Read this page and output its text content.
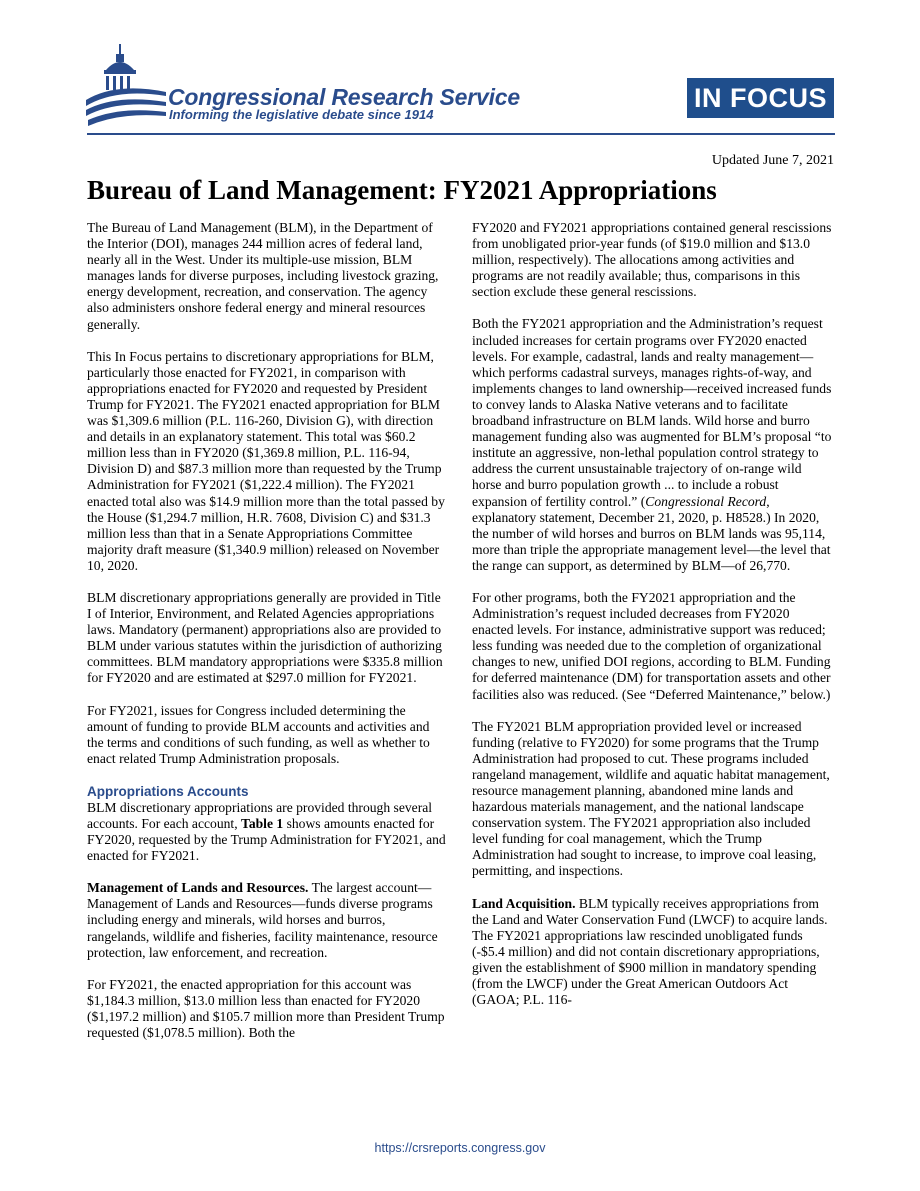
Congressional Research Service
Informing the legislative debate since 1914
IN FOCUS
Updated June 7, 2021
Bureau of Land Management: FY2021 Appropriations

The Bureau of Land Management (BLM), in the Department of the Interior (DOI), manages 244 million acres of federal land, nearly all in the West. Under its multiple-use mission, BLM manages lands for diverse purposes, including livestock grazing, energy development, recreation, and conservation. The agency also administers onshore federal energy and mineral resources generally.

This In Focus pertains to discretionary appropriations for BLM, particularly those enacted for FY2021, in comparison with appropriations enacted for FY2020 and requested by President Trump for FY2021. The FY2021 enacted appropriation for BLM was $1,309.6 million (P.L. 116-260, Division G), with direction and details in an explanatory statement. This total was $60.2 million less than in FY2020 ($1,369.8 million, P.L. 116-94, Division D) and $87.3 million more than requested by the Trump Administration for FY2021 ($1,222.4 million). The FY2021 enacted total also was $14.9 million more than the total passed by the House ($1,294.7 million, H.R. 7608, Division C) and $31.3 million less than that in a Senate Appropriations Committee majority draft measure ($1,340.9 million) released on November 10, 2020.

BLM discretionary appropriations generally are provided in Title I of Interior, Environment, and Related Agencies appropriations laws. Mandatory (permanent) appropriations also are provided to BLM under various statutes within the jurisdiction of authorizing committees. BLM mandatory appropriations were $335.8 million for FY2020 and are estimated at $297.0 million for FY2021.

For FY2021, issues for Congress included determining the amount of funding to provide BLM accounts and activities and the terms and conditions of such funding, as well as whether to enact related Trump Administration proposals.

Appropriations Accounts

BLM discretionary appropriations are provided through several accounts. For each account, Table 1 shows amounts enacted for FY2020, requested by the Trump Administration for FY2021, and enacted for FY2021.

Management of Lands and Resources. The largest account—Management of Lands and Resources—funds diverse programs including energy and minerals, wild horses and burros, rangelands, wildlife and fisheries, facility maintenance, resource protection, law enforcement, and recreation.

For FY2021, the enacted appropriation for this account was $1,184.3 million, $13.0 million less than enacted for FY2020 ($1,197.2 million) and $105.7 million more than President Trump requested ($1,078.5 million). Both the

FY2020 and FY2021 appropriations contained general rescissions from unobligated prior-year funds (of $19.0 million and $13.0 million, respectively). The allocations among activities and programs are not readily available; thus, comparisons in this section exclude these general rescissions.

Both the FY2021 appropriation and the Administration’s request included increases for certain programs over FY2020 enacted levels. For example, cadastral, lands and realty management—which performs cadastral surveys, manages rights-of-way, and implements changes to land ownership—received increased funds to convey lands to Alaska Native veterans and to facilitate broadband infrastructure on BLM lands. Wild horse and burro management funding also was augmented for BLM’s proposal “to institute an aggressive, non-lethal population control strategy to address the current unsustainable trajectory of on-range wild horse and burro population growth ... to include a robust expansion of fertility control.” (Congressional Record, explanatory statement, December 21, 2020, p. H8528.) In 2020, the number of wild horses and burros on BLM lands was 95,114, more than triple the appropriate management level—the level that the range can support, as determined by BLM—of 26,770.

For other programs, both the FY2021 appropriation and the Administration’s request included decreases from FY2020 enacted levels. For instance, administrative support was reduced; less funding was needed due to the completion of organizational changes to new, unified DOI regions, according to BLM. Funding for deferred maintenance (DM) for transportation assets and other facilities also was reduced. (See “Deferred Maintenance,” below.)

The FY2021 BLM appropriation provided level or increased funding (relative to FY2020) for some programs that the Trump Administration had proposed to cut. These programs included rangeland management, wildlife and aquatic habitat management, resource management planning, abandoned mine lands and hazardous materials management, and the national landscape conservation system. The FY2021 appropriation also included level funding for coal management, which the Trump Administration had sought to increase, to improve coal leasing, permitting, and inspections.

Land Acquisition. BLM typically receives appropriations from the Land and Water Conservation Fund (LWCF) to acquire lands. The FY2021 appropriations law rescinded unobligated funds (-$5.4 million) and did not contain discretionary appropriations, given the establishment of $900 million in mandatory spending (from the LWCF) under the Great American Outdoors Act (GAOA; P.L. 116-

https://crsreports.congress.gov
